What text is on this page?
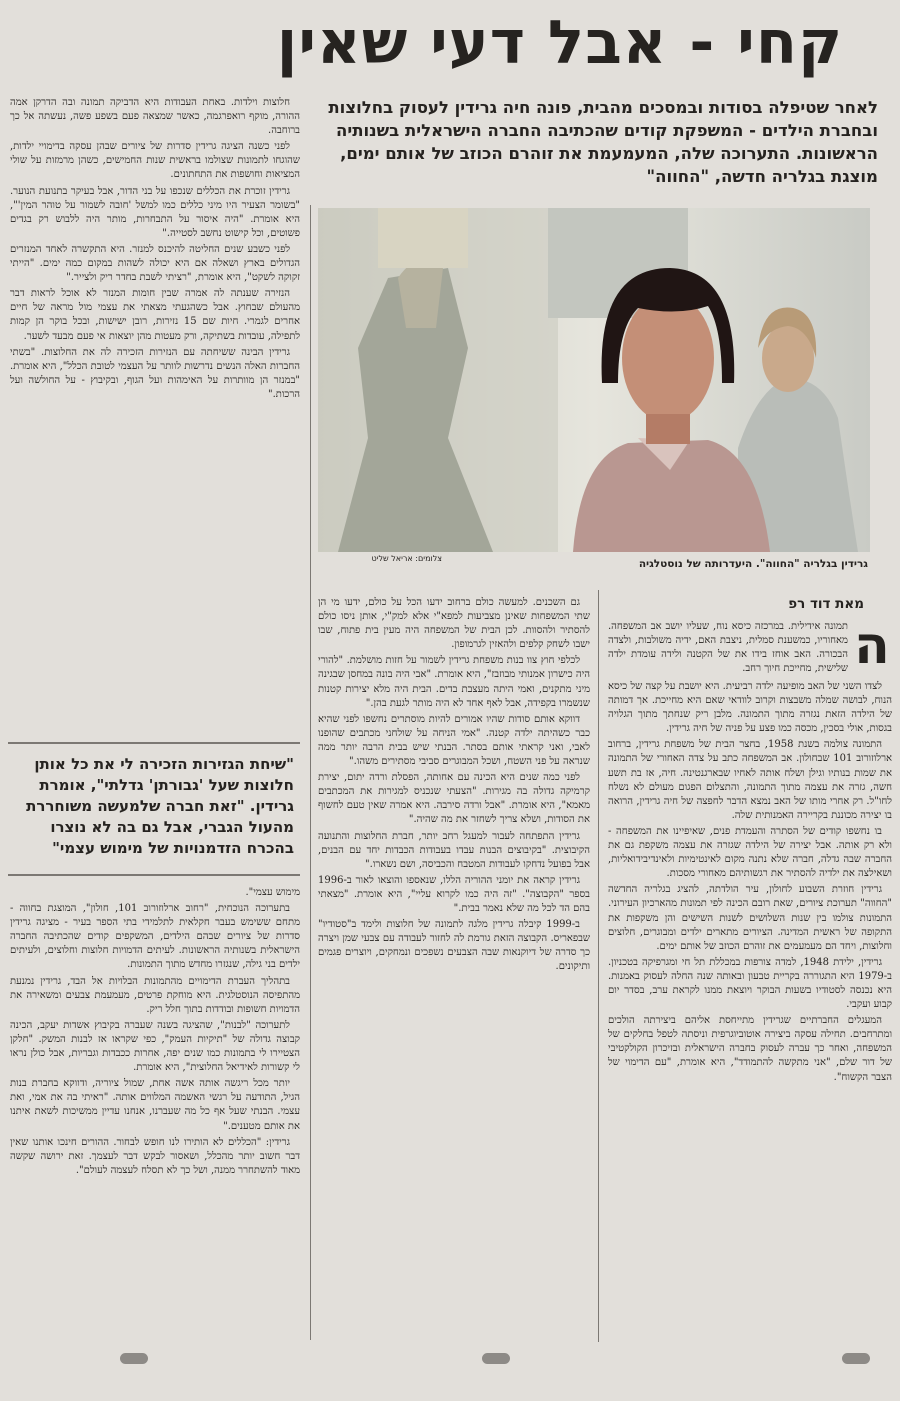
קחי - אבל דעי שאין
לאחר שטיפלה בסודות ובמסכים מהבית, פונה חיה גרידין לעסוק בחלוצות ובחברת הילדים - המשפקת קודים שהכתיבה החברה הישראלית בשנותיה הראשונות. התערוכה שלה, המעמעמת את זוהרם הכוזב של אותם ימים, מוצגת בגלריה חדשה, "החווה"
צלומים: אריאל שליט	גרידין בגלריה "החווה". היעדרותה של נוסטלגיה
מאת דוד רפ
ה

תמונה אידילית. במרכזה כיסא נוח, שעליו יושב אב המשפחה. מאחוריו, כמשענת סמלית, ניצבת האם, ידיה משולבות, ולצדה הבכורה. האב אוחז בידו את של הקטנה ולידה עומדת ילדה שלישית, מחייכת חיוך רחב.

לצדו השני של האב מופיעה ילדה רביעית. היא יושבת על קצה של כיסא הנוח, לבושה שמלה משבצות וקרוב לוודאי שאם היא מחייכת. אך דמותה של הילדה הזאת נגזרה מתוך התמונה. מלבן ריק שנחתך מתוך הגלויה בגסות, אולי בסכין, מכסה כמו פצע על פניה של חיה גרידין.

התמונה צולמה בשנת 1958, בחצר הבית של משפחת גרידין, ברחוב ארלוזורוב 101 שבחולון. אב המשפחה כתב על צדה האחורי של התמונה את שמות בנותיו וגילן ושלח אותה לאחיו שבארגנטינה. חיה, אז בת תשע חשה, גזרה את עצמה מתוך התמונה, והתצלום הפגום מעולם לא נשלח לחו"ל. רק אחרי מותו של האב נמצא הדבר לחפצה של חיה גרידין, הרואה בו יצירה מכוננת בקריירה האמנותית שלה.

בו נחשפו קודים של הסתרה והעמדת פנים, שאיפיינו את המשפחה - ולא רק אותה. אבל יצירה של הילדה שגזרה את עצמה משקפת גם את החברה שבה גדלה, חברה שלא נתנה מקום לאינטימיות ולאינדיבידואליות, ושאילצה את ילדיה להסתיר את רגשותיהם מאחורי מסכות.

גרידין חוזרת השבוע לחולון, עיר הולדתה, להציג בגלריה החדשה "החווה" תערוכת ציורים, שאת רובם הכינה לפי תמונות מהארכיון העירוני. התמונות צולמו בין שנות השלושים לשנות השישים והן משקפות את התקופה של ראשית המדינה. הציורים מתארים ילדים ומבוגרים, חלוצים וחלוצות, ויחד הם מעמעמים את זוהרם הכוזב של אותם ימים.

גרידין, ילידת 1948, למדה צורפות במכללת תל חי ומגרפיקה בטכניון. ב-1979 היא התגוררה בקריית טבעון ובאותה שנה החלה לעסוק באמנות. היא נכנסה לסטודיו בשעות הבוקר ויוצאת ממנו לקראת ערב, בסדר יום קבוע ועקבי.

המעגלים החברתיים שגרידין מתייחסת אליהם ביצירתה הולכים ומתרחבים. תחילה עסקה ביצירה אוטוביוגרפית וניסתה לטפל בחלקים של המשפחה, ואחר כך עברה לעסוק בחברה הישראלית ובזיכרון הקולקטיבי של דור שלם, "אני מתקשה להתמודד", היא אומרת, "עם הדימוי של הצבר הקשוח".

גם השכנים. למעשה כולם ברחוב ידעו הכל על כולם, ידעו מי הן שתי המשפחות שאינן מצביעות למפא"י אלא למק"י, אותן ניסו כולם להסתיר ולהסוות. לכן הבית של המשפחה היה מעין בית פתוח, שבו ישבו לשחק קלפים ולהאזין לגרמופון.

לכלפי חוץ צוו בנות משפחת גרידין לשמור על חזות מושלמת. "להורי היה כישרון אמנותי מבוזבז", היא אומרת. "אבי היה בונה במחסן שבגינה מיני מתקנים, ואמי היתה מעצבת בדים. הבית היה מלא יצירות קטנות שנשמרו בקפידה, אבל לאף אחד לא היה מותר לגעת בהן."

דווקא אותם סודות שהיו אמורים להיות מוסתרים נחשפו לפני שהיא כבר כשהיתה ילדה קטנה. "אמי הניחה על שולחני מכתבים שהופנו לאבי, ואני קראתי אותם בסתר. הבנתי שיש בבית הרבה יותר ממה שנראה על פני השטח, ושכל המבוגרים סביבי מסתירים משהו."

לפני כמה שנים היא הכינה עם אחותה, הפסלת ורדה יתום, יצירת קרמיקה גדולה בה מגירות. "הצעתי שנכניס למגירות את המכתבים מאמא", היא אומרת. "אבל ורדה סירבה. היא אמרה שאין טעם לחשוף את הסודות, ושלא צריך לשחזר את מה שהיה."

גרידין התפתחה לעבור למעגל רחב יותר, חברת החלוצות והתנועה הקיבוצית. "בקיבוצים הבנות עבדו בעבודות הכבדות יחד עם הבנים, אבל בפועל נדחקו לעבודות המטבח והכביסה, ושם נשארו."

גרידין קראה את יומני ההוריה הללו, שנאספו והוצאו לאור ב-1996 בספר "הקבוצה". "זה היה כמו לקרוא עליי", היא אומרת. "מצאתי בהם הד לכל מה שלא נאמר בבית."

ב-1999 קיבלה גרידין מלגה לתמונה של חלוצות ולימד ב"סטודיו" שבפאריס. הקבוצה הזאת גורמת לה לחזור לעבודה עם צבעי שמן ויצרה כך סדרה של דיוקנאות שבה הצבעים נשפכים ונמחקים, ויוצרים פגמים ותיקונים.

חלוצות וילדות. באחת העבודות היא הדביקה תמונה ובה הדרקן אמה ההורה, מוקף רואפרגמה, כאשר שמצאה פעם בשפע פשה, נעשתה אל כך ברוחבה.

לפני כשנה הציגה גרידין סדרות של ציורים שבהן עסקה בדימויי ילדות, שהוגחו לתמונות שצולמו בראשית שנות החמישים, כשהן מרמזות על שולי המציאות וחושפות את התחתונים.

גרידין זוכרת את הכללים שנכפו על בני הדור, אבל בעיקר בתנועת הנוער. "בשומר הצעיר היו מיני כללים כמו למשל 'חובה לשמור על טוהר המין'", היא אומרת. "היה איסור על התבחרות, מותר היה ללבוש רק בגדים פשוטים, וכל קישוט נחשב לסטייה."

לפני כשבע שנים החליטה להיכנס למנזר. היא התקשרה לאחד המנזרים הגדולים בארץ ושאלה אם היא יכולה לשהות במקום כמה ימים. "הייתי זקוקה לשקט", היא אומרת, "רציתי לשבת בחדר ריק ולצייר."

הנזירה שענתה לה אמרה שבין חומות המנזר לא אוכל לראות דבר מהעולם שבחוץ. אבל כשהגעתי מצאתי את עצמי מול מראה של חיים אחרים לגמרי. חיות שם 15 נזירות, רובן ישישות, ובכל בוקר הן קמות לתפילה, עובדות בשתיקה, ורק מעטות מהן יוצאות אי פעם מבעד לשער.

גרידין הבינה ששיחתה עם הנזירות הזכירה לה את החלוצות. "בשתי החברות האלה הנשים נדרשות לוותר על העצמי לטובת הכלל", היא אומרת. "במנזר הן מוותרות על האימהות ועל הגוף, ובקיבוץ - על החולשה ועל הרכות."

"שיחת הגזירות הזכירה לי את כל אותן חלוצות שעל 'גבורתן' גדלתי", אומרת גרידין. "זאת חברה שלמעשה משוחררת מהעול הגברי, אבל גם בה לא נוצרו בהכרח הזדמנויות של מימוש עצמי"

מימוש עצמי".

בתערוכה הנוכחית, "רחוב ארלוזורוב 101, חולון", המוצגת בחווה - מתחם ששימש בעבר חקלאית לתלמידי בתי הספר בעיר - מציגה גרידין סדרות של ציורים שבהם הילדים, המשקפים קודים שהכתיבה החברה הישראלית בשנותיה הראשונות. לעיתים הדמויות חלוצות וחלוצים, ולעיתים ילדים בני גילה, שנגזרו מחדש מתוך התמונות.

בתהליך העברת הדימויים מהתמונות הבלויות אל הבד, גרידין נמנעת מהתפיסה הנוסטלגית. היא מוחקת פרטים, מעמעמת צבעים ומשאירה את הדמויות חשופות ובודדות בתוך חלל ריק.

לתערוכה "לבנות", שהציגה בשנה שעברה בקיבוץ אשדות יעקב, הכינה קבוצה גדולה של "תיקיות העמק", כפי שקראו אז לבנות המשק. "חלקן הצטיירו לי בתמונות כמו שנים יפה, אחרות ככבדות וגבריות, אבל כולן נראו לי קשורות לאידיאל החלוצית", היא אומרת.

יותר מכל ריגשה אותה אשה אחת, שמול ציוריה, ודווקא בחברת בנות הגיל, התודעה על רגשי האשמה המלווים אותה. "ראיתי בה את אמי, ואת עצמי. הבנתי שעל אף כל מה שעברנו, אנחנו עדיין ממשיכות לשאת איתנו את אותם מטענים."

גרידין: "הכללים לא הותירו לנו חופש לבחור. ההורים חינכו אותנו שאין דבר חשוב יותר מהכלל, ושאסור לבקש דבר לעצמך. זאת ירושה שקשה מאוד להשתחרר ממנה, ושל כך לא תסלח לעצמה לעולם".
